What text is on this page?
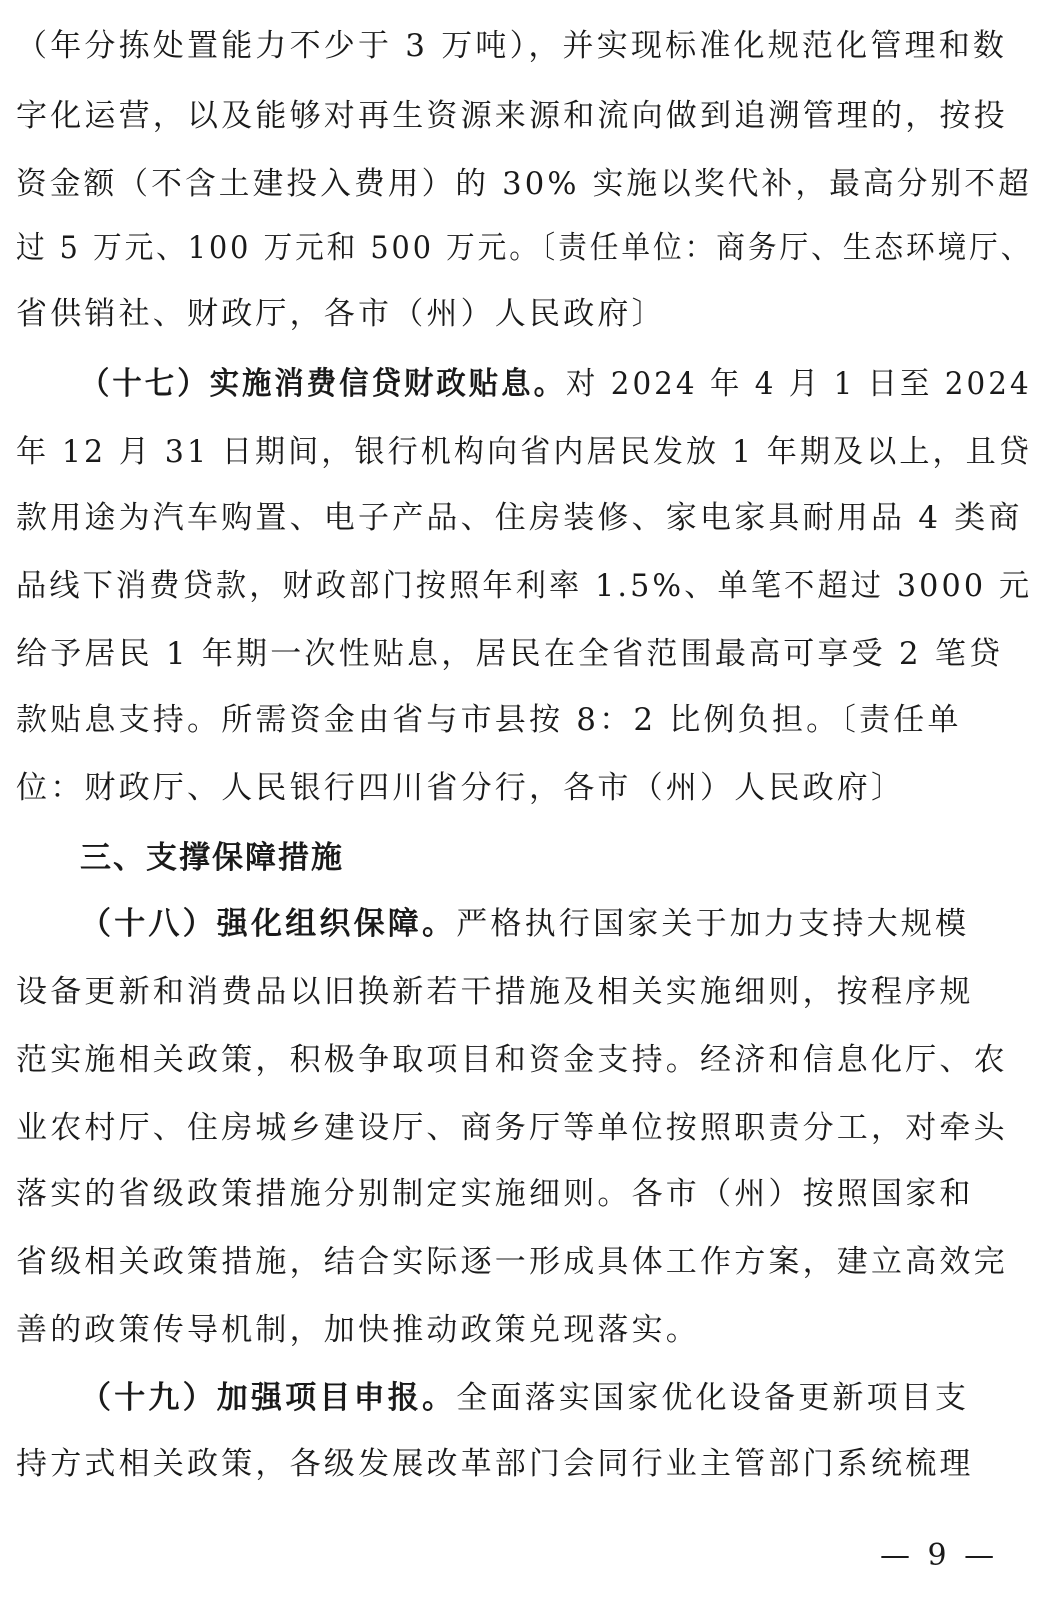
（年分拣处置能力不少于 3 万吨），并实现标准化规范化管理和数
字化运营，以及能够对再生资源来源和流向做到追溯管理的，按投
资金额（不含土建投入费用）的 30% 实施以奖代补，最高分别不超
过 5 万元、100 万元和 500 万元。〔责任单位：商务厅、生态环境厅、
省供销社、财政厅，各市（州）人民政府〕
（十七）实施消费信贷财政贴息。对 2024 年 4 月 1 日至 2024
年 12 月 31 日期间，银行机构向省内居民发放 1 年期及以上，且贷
款用途为汽车购置、电子产品、住房装修、家电家具耐用品 4 类商
品线下消费贷款，财政部门按照年利率 1.5%、单笔不超过 3000 元
给予居民 1 年期一次性贴息，居民在全省范围最高可享受 2 笔贷
款贴息支持。所需资金由省与市县按 8：2 比例负担。〔责任单
位：财政厅、人民银行四川省分行，各市（州）人民政府〕
三、支撑保障措施
（十八）强化组织保障。严格执行国家关于加力支持大规模
设备更新和消费品以旧换新若干措施及相关实施细则，按程序规
范实施相关政策，积极争取项目和资金支持。经济和信息化厅、农
业农村厅、住房城乡建设厅、商务厅等单位按照职责分工，对牵头
落实的省级政策措施分别制定实施细则。各市（州）按照国家和
省级相关政策措施，结合实际逐一形成具体工作方案，建立高效完
善的政策传导机制，加快推动政策兑现落实。
（十九）加强项目申报。全面落实国家优化设备更新项目支
持方式相关政策，各级发展改革部门会同行业主管部门系统梳理
— 9 —
